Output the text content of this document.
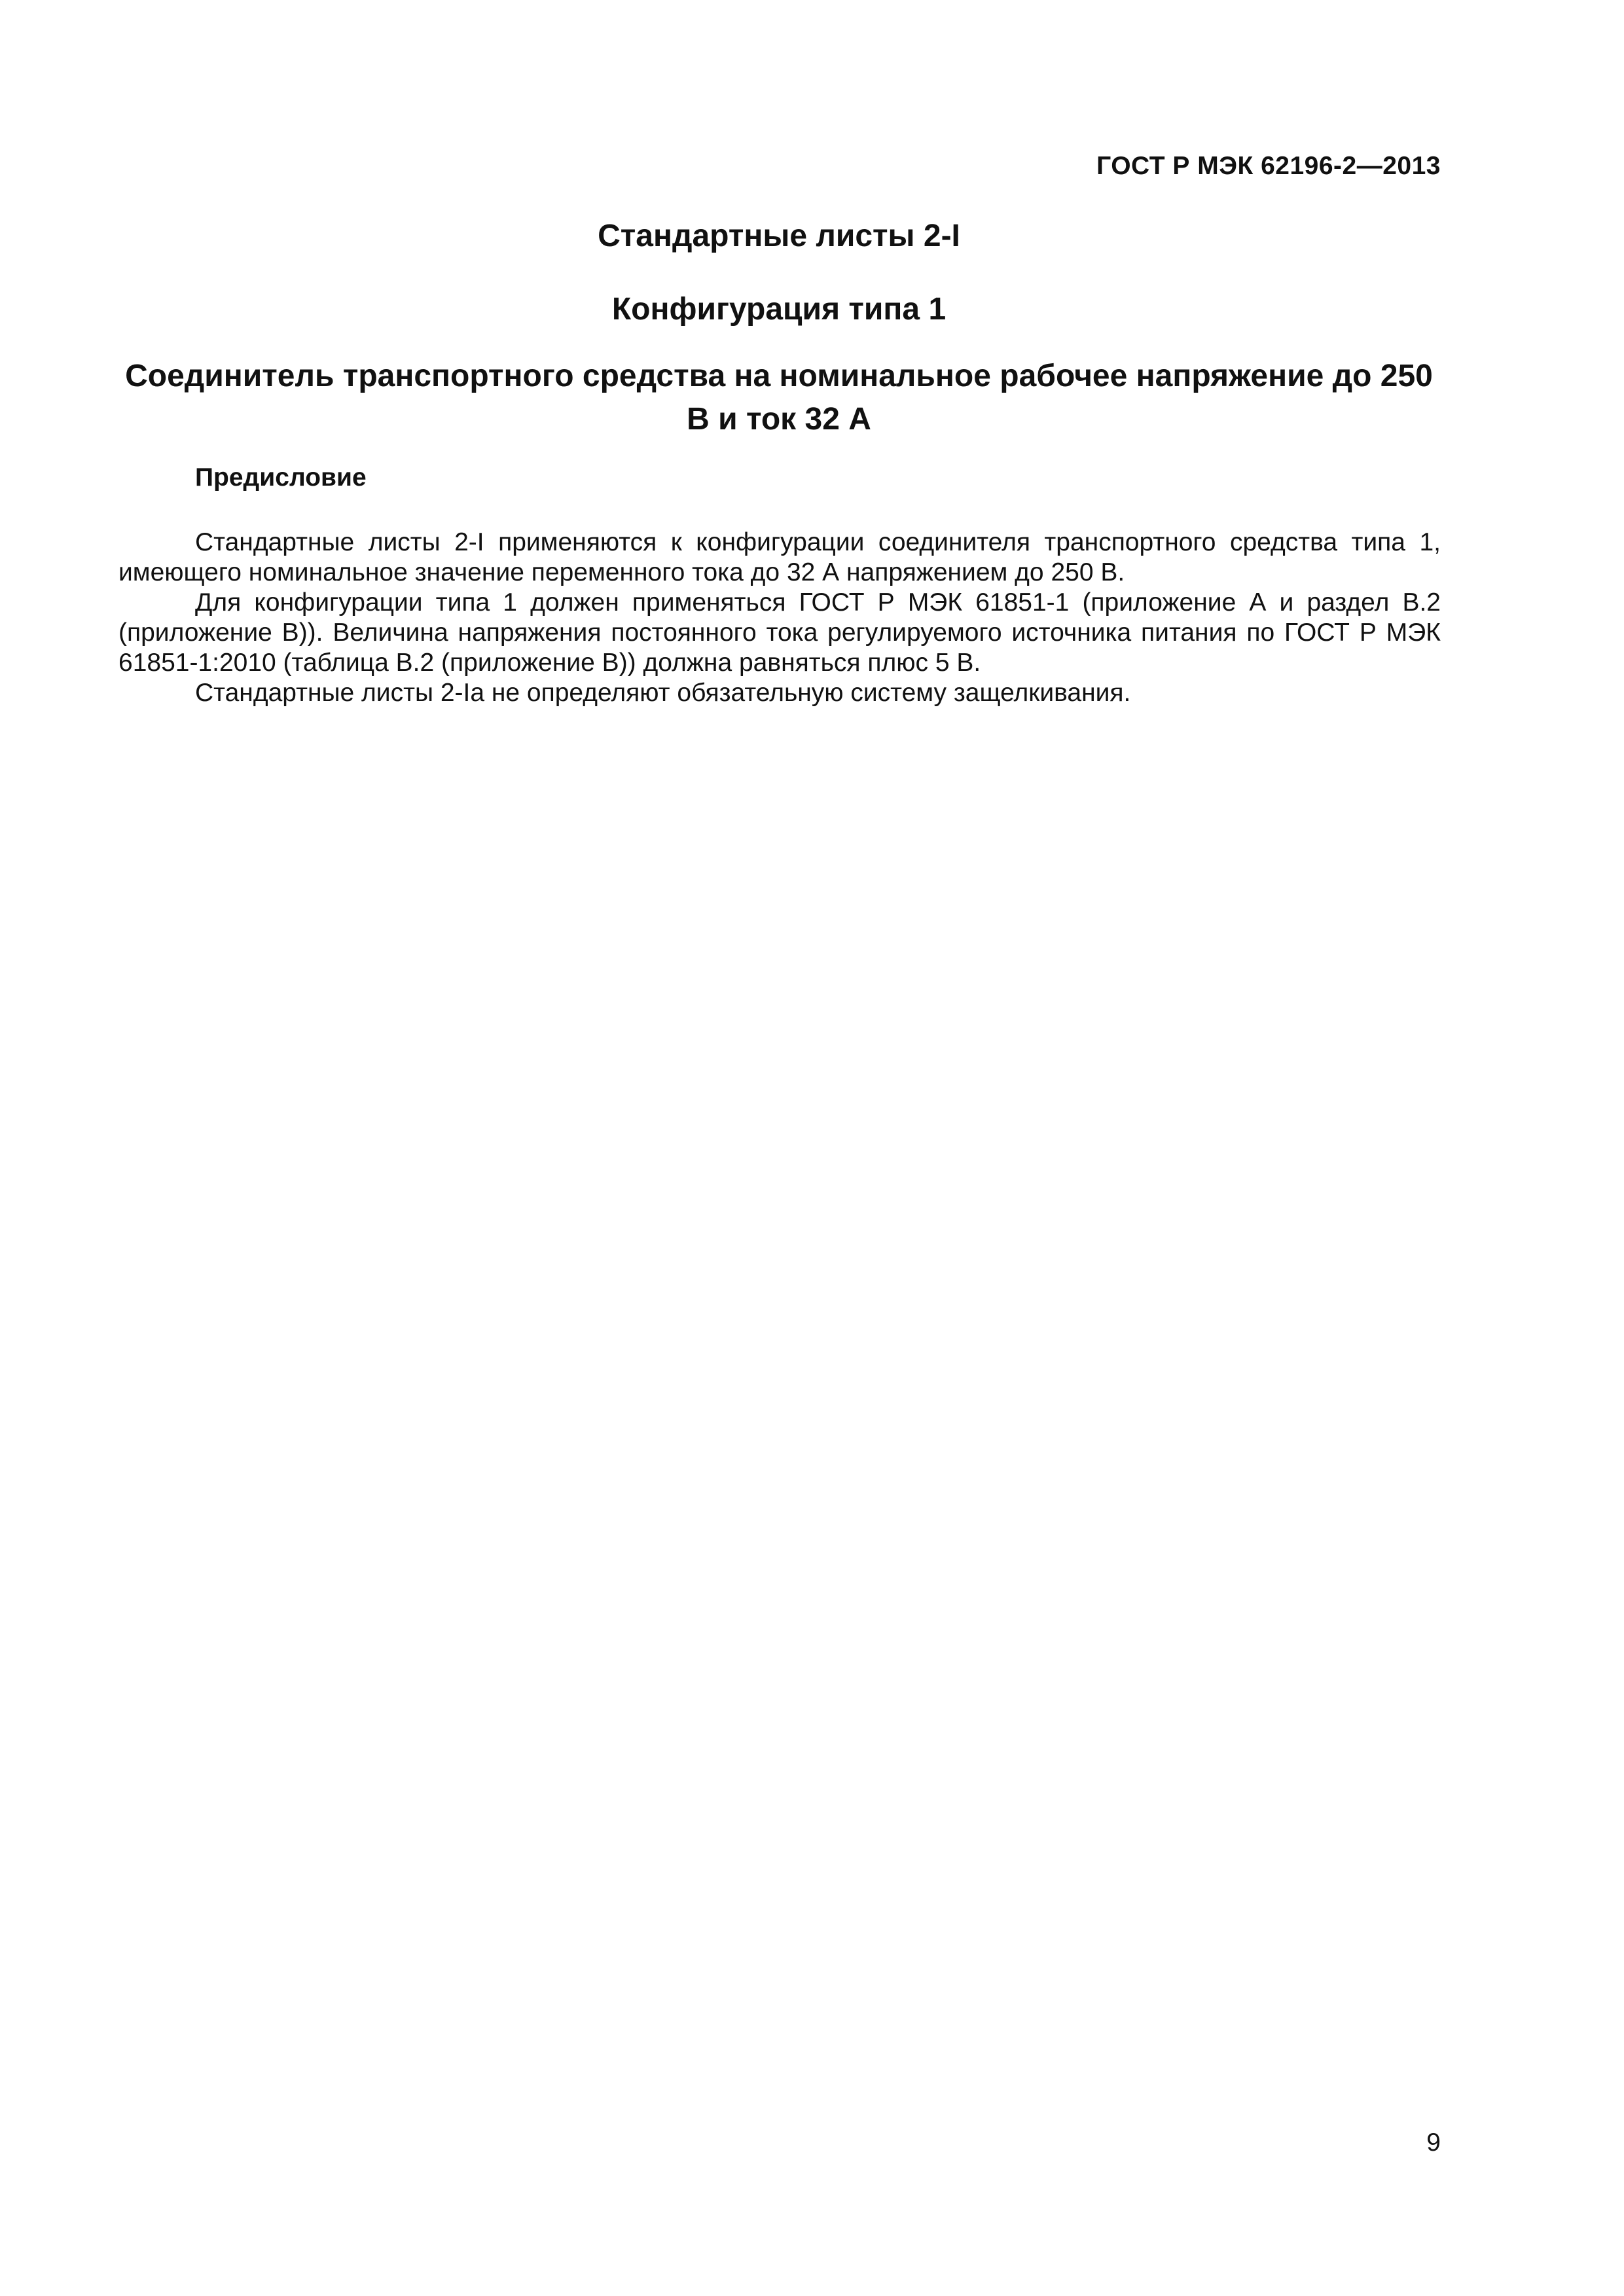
ГОСТ Р МЭК 62196-2—2013
Стандартные листы 2-I
Конфигурация типа 1
Соединитель транспортного средства на номинальное рабочее напряжение до 250 В и ток 32 А
Предисловие

Стандартные листы 2-I применяются к конфигурации соединителя транспортного средства типа 1, имеющего номинальное значение переменного тока до 32 А напряжением до 250 В.

Для конфигурации типа 1 должен применяться ГОСТ Р МЭК 61851-1 (приложение А и раздел В.2 (приложение В)). Величина напряжения постоянного тока регулируемого источника питания по ГОСТ Р МЭК 61851-1:2010 (таблица В.2 (приложение В)) должна равняться плюс 5 В.

Стандартные листы 2-Ia не определяют обязательную систему защелкивания.

9
